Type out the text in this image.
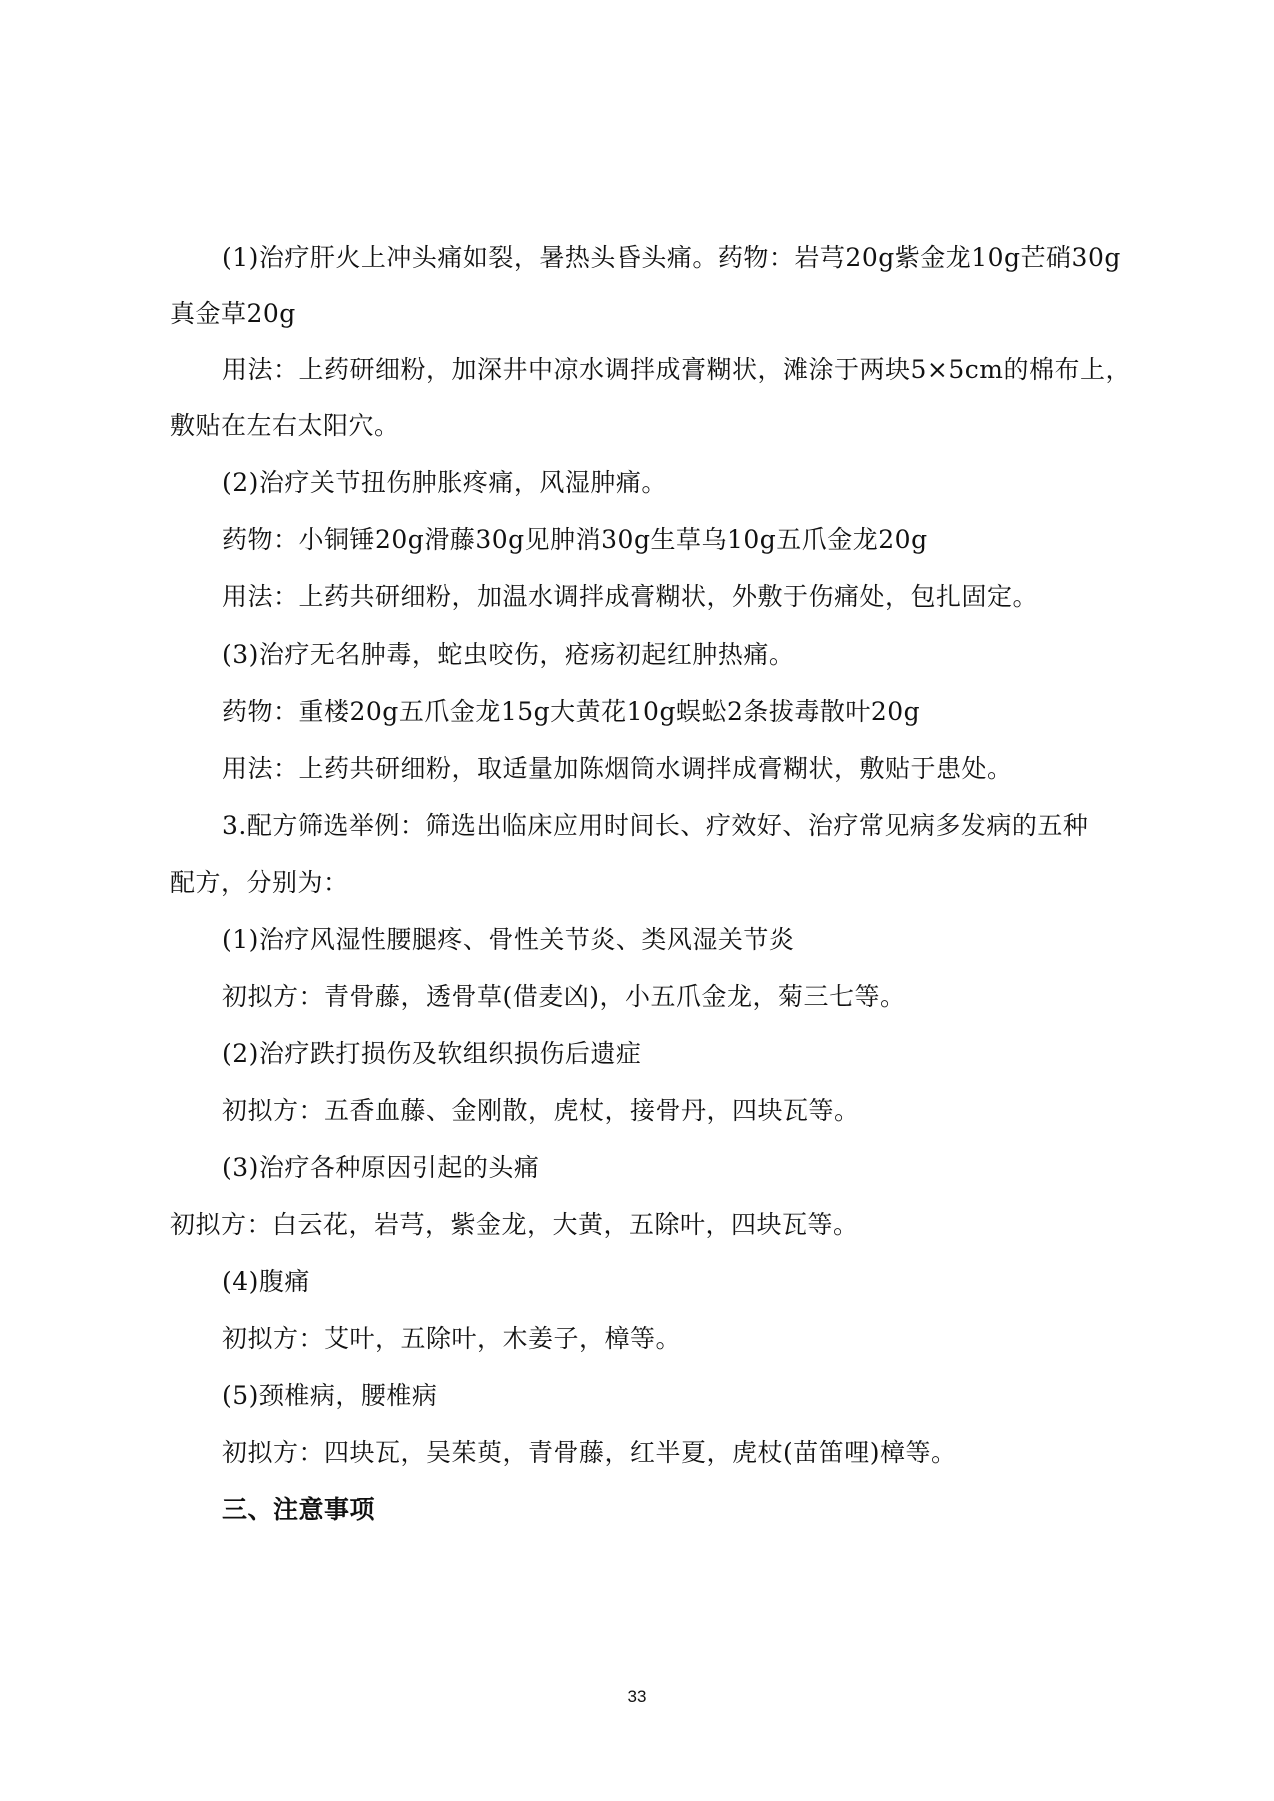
(1)治疗肝火上冲头痛如裂，暑热头昏头痛。药物：岩芎20g紫金龙10g芒硝30g
真金草20g
用法：上药研细粉，加深井中凉水调拌成膏糊状，滩涂于两块5×5cm的棉布上，
敷贴在左右太阳穴。
(2)治疗关节扭伤肿胀疼痛，风湿肿痛。
药物：小铜锤20g滑藤30g见肿消30g生草乌10g五爪金龙20g
用法：上药共研细粉，加温水调拌成膏糊状，外敷于伤痛处，包扎固定。
(3)治疗无名肿毒，蛇虫咬伤，疮疡初起红肿热痛。
药物：重楼20g五爪金龙15g大黄花10g蜈蚣2条拔毒散叶20g
用法：上药共研细粉，取适量加陈烟筒水调拌成膏糊状，敷贴于患处。
3.配方筛选举例：筛选出临床应用时间长、疗效好、治疗常见病多发病的五种
配方，分别为：
(1)治疗风湿性腰腿疼、骨性关节炎、类风湿关节炎
初拟方：青骨藤，透骨草(借麦凶)，小五爪金龙，菊三七等。
(2)治疗跌打损伤及软组织损伤后遗症
初拟方：五香血藤、金刚散，虎杖，接骨丹，四块瓦等。
(3)治疗各种原因引起的头痛
初拟方：白云花，岩芎，紫金龙，大黄，五除叶，四块瓦等。
(4)腹痛
初拟方：艾叶，五除叶，木姜子，樟等。
(5)颈椎病，腰椎病
初拟方：四块瓦，吴茱萸，青骨藤，红半夏，虎杖(苗笛哩)樟等。
三、注意事项
33
